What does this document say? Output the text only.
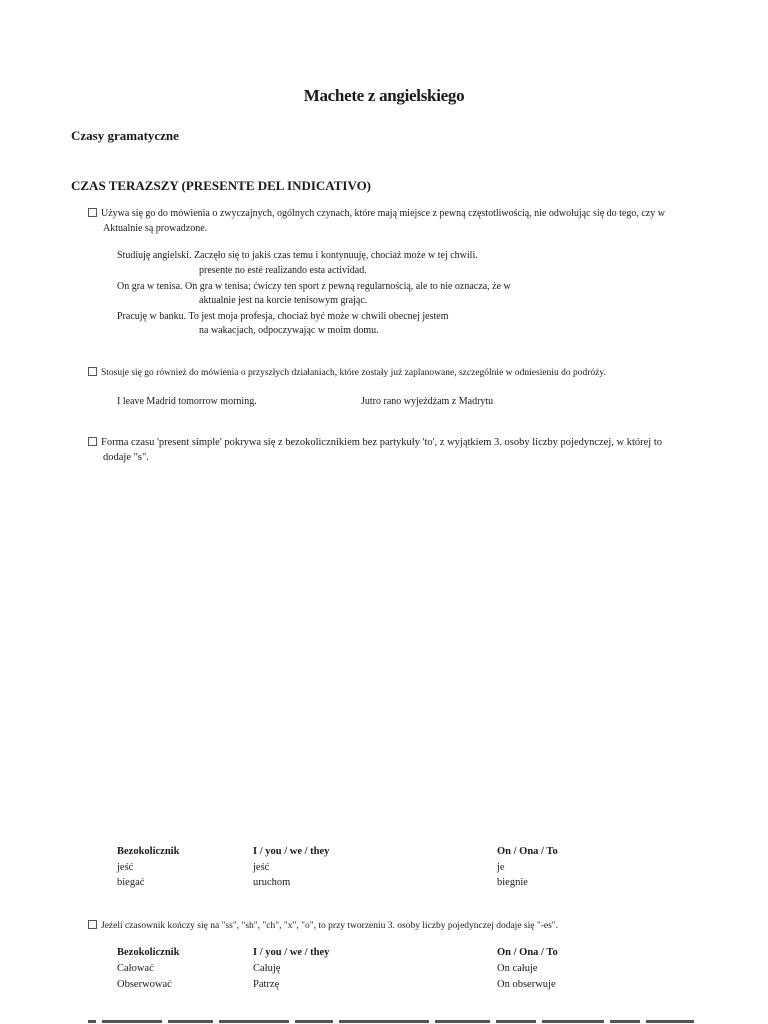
Machete z angielskiego
Czasy gramatyczne
CZAS TERAZSZY (PRESENTE DEL INDICATIVO)
Używa się go do mówienia o zwyczajnych, ogólnych czynach, które mają miejsce z pewną częstotliwością, nie odwołując się do tego, czy w
Aktualnie są prowadzone.
Studiuję angielski. Zaczęło się to jakiś czas temu i kontynuuję, chociaż może w tej chwili.
presente no esté realizando esta actividad.
On gra w tenisa. On gra w tenisa; ćwiczy ten sport z pewną regularnością, ale to nie oznacza, że w
aktualnie jest na korcie tenisowym grając.
Pracuję w banku. To jest moja profesja, chociaż być może w chwili obecnej jestem
na wakacjach, odpoczywając w moim domu.
Stosuje się go również do mówienia o przyszłych działaniach, które zostały już zaplanowane, szczególnie w odniesieniu do podróży.
I leave Madrid tomorrow morning.	Jutro rano wyjeżdżam z Madrytu
Forma czasu 'present simple' pokrywa się z bezokolicznikiem bez partykuły 'to', z wyjątkiem 3. osoby liczby pojedynczej, w której to
dodaje "s".
Bezokolicznik	I / you / we / they	On / Ona / To
jeść	jeść	je
biegać	uruchom	biegnie
Jeżeli czasownik kończy się na "ss", "sh", "ch", "x", "o", to przy tworzeniu 3. osoby liczby pojedynczej dodaje się "-es".
Bezokolicznik	I / you / we / they	On / Ona / To
Całować	Całuję	On całuje
Obserwować	Patrzę	On obserwuje
